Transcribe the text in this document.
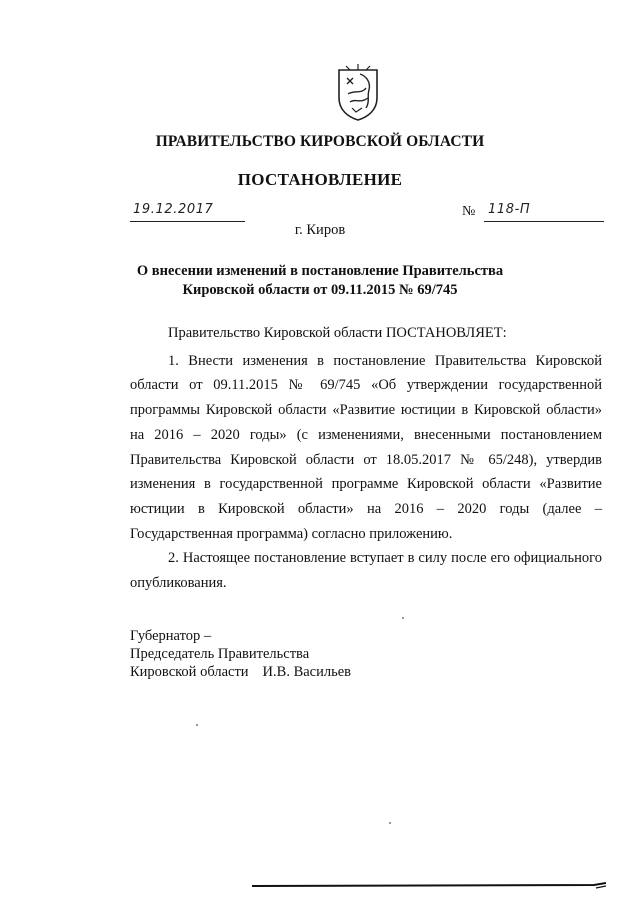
ПРАВИТЕЛЬСТВО КИРОВСКОЙ ОБЛАСТИ
ПОСТАНОВЛЕНИЕ
19.12.2017	№ 118-П
г. Киров
О внесении изменений в постановление Правительства
Кировской области от 09.11.2015 № 69/745

Правительство Кировской области ПОСТАНОВЛЯЕТ:

1. Внести изменения в постановление Правительства Кировской области от 09.11.2015 № 69/745 «Об утверждении государственной программы Кировской области «Развитие юстиции в Кировской области» на 2016 – 2020 годы» (с изменениями, внесенными постановлением Правительства Кировской области от 18.05.2017 № 65/248), утвердив изменения в государственной программе Кировской области «Развитие юстиции в Кировской области» на 2016 – 2020 годы (далее – Государственная программа) согласно приложению.

2. Настоящее постановление вступает в силу после его официального опубликования.

Губернатор –
Председатель Правительства
Кировской области И.В. Васильев
